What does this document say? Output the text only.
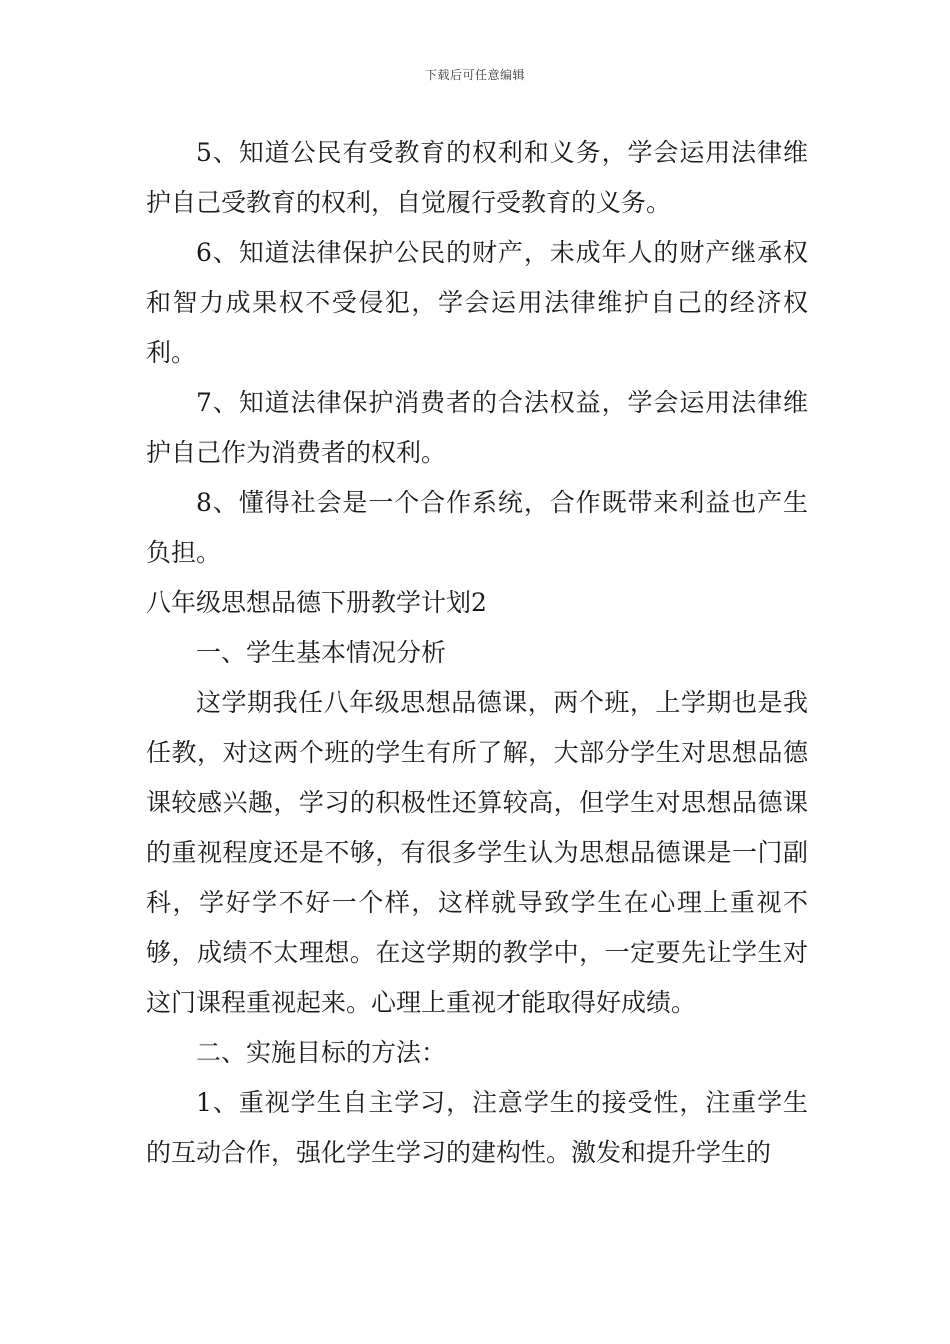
下载后可任意编辑

5、知道公民有受教育的权利和义务，学会运用法律维护自己受教育的权利，自觉履行受教育的义务。

6、知道法律保护公民的财产，未成年人的财产继承权和智力成果权不受侵犯，学会运用法律维护自己的经济权利。

7、知道法律保护消费者的合法权益，学会运用法律维护自己作为消费者的权利。

8、懂得社会是一个合作系统，合作既带来利益也产生负担。

八年级思想品德下册教学计划2

一、学生基本情况分析

这学期我任八年级思想品德课，两个班，上学期也是我任教，对这两个班的学生有所了解，大部分学生对思想品德课较感兴趣，学习的积极性还算较高，但学生对思想品德课的重视程度还是不够，有很多学生认为思想品德课是一门副科，学好学不好一个样，这样就导致学生在心理上重视不够，成绩不太理想。在这学期的教学中，一定要先让学生对这门课程重视起来。心理上重视才能取得好成绩。

二、实施目标的方法：

1、重视学生自主学习，注意学生的接受性，注重学生的互动合作，强化学生学习的建构性。激发和提升学生的
